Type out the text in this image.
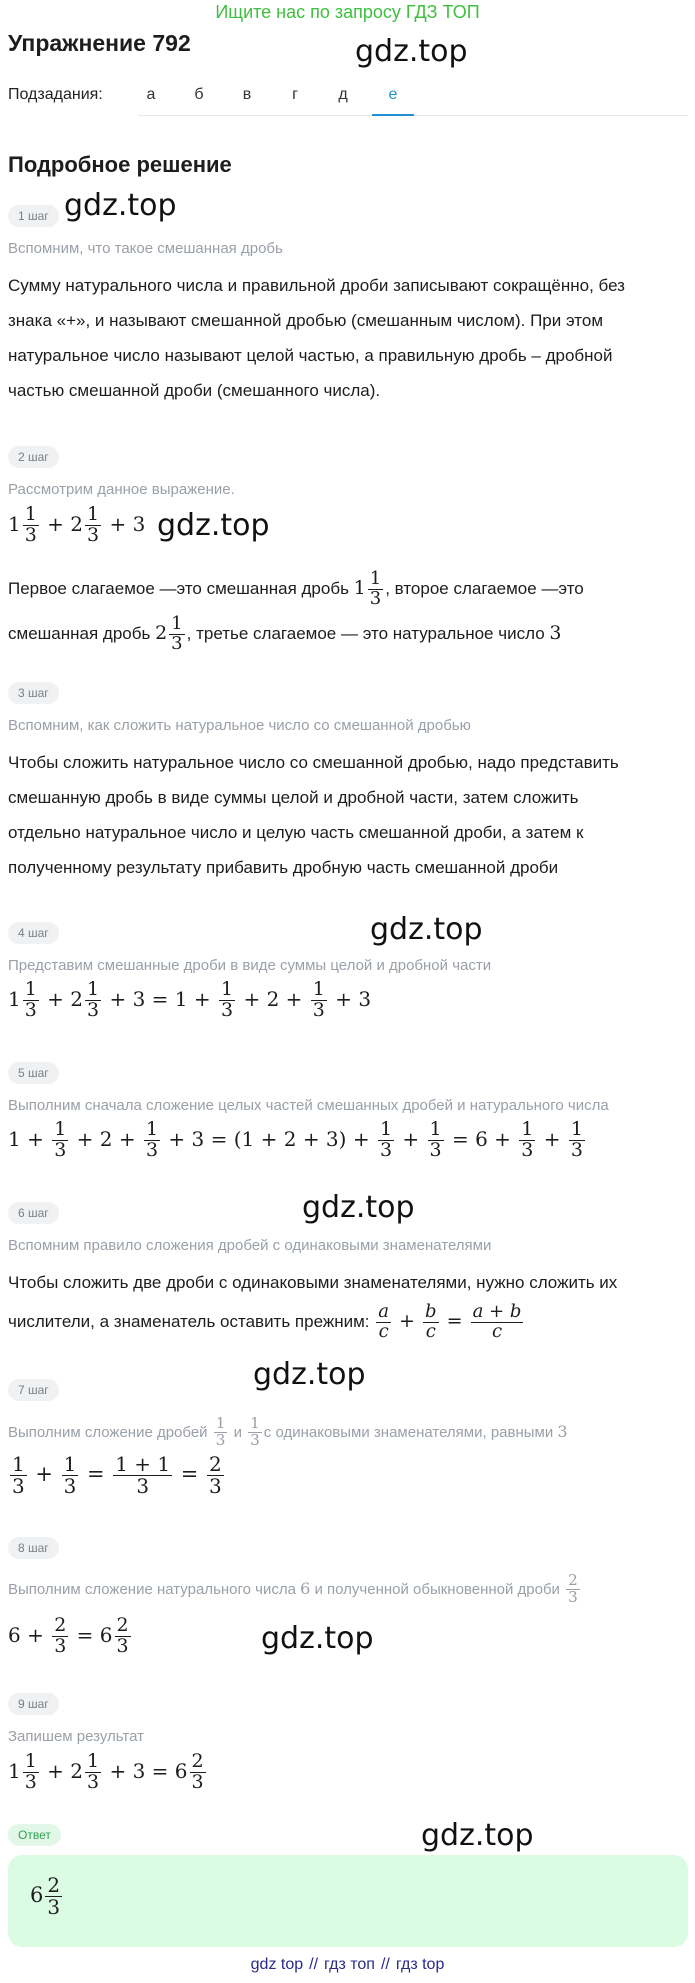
Ищите нас по запросу ГДЗ ТОП
gdz.top
gdz.top
gdz.top
gdz.top
gdz.top
gdz.top
gdz.top
gdz.top
Упражнение 792
Подзадания:	а	б	в	г	д	е
Подробное решение
1 шаг
Вспомним, что такое смешанная дробь
Сумму натурального числа и правильной дроби записывают сокращённо, без
знака «+», и называют смешанной дробью (смешанным числом). При этом
натуральное число называют целой частью, а правильную дробь – дробной
частью смешанной дроби (смешанного числа).
2 шаг
Рассмотрим данное выражение.
$1 \frac{1}{3} + 2 \frac{1}{3} + 3$
Первое слагаемое —это смешанная дробь $1 \frac{1}{3}$ , второе слагаемое —это
смешанная дробь $2 \frac{1}{3}$ , третье слагаемое — это натуральное число 3
3 шаг
Вспомним, как сложить натуральное число со смешанной дробью
Чтобы сложить натуральное число со смешанной дробью, надо представить
смешанную дробь в виде суммы целой и дробной части, затем сложить
отдельно натуральное число и целую часть смешанной дроби, а затем к
полученному результату прибавить дробную часть смешанной дроби
4 шаг
Представим смешанные дроби в виде суммы целой и дробной части
$1 \frac{1}{3} + 2 \frac{1}{3} + 3 = 1 + \frac{1}{3} + 2 + \frac{1}{3} + 3$
5 шаг
Выполним сначала сложение целых частей смешанных дробей и натурального числа
$1 + \frac{1}{3} + 2 + \frac{1}{3} + 3 = (1 + 2 + 3) + \frac{1}{3} + \frac{1}{3} = 6 + \frac{1}{3} + \frac{1}{3}$
6 шаг
Вспомним правило сложения дробей с одинаковыми знаменателями
Чтобы сложить две дроби с одинаковыми знаменателями, нужно сложить их
числители, а знаменатель оставить прежним: $\frac{a}{c} + \frac{b}{c} = \frac{a + b}{c}$
7 шаг
Выполним сложение дробей $\frac{1}{3}$ и $\frac{1}{3}$ с одинаковыми знаменателями, равными 3
$\frac{1}{3} + \frac{1}{3} = \frac{1 + 1}{3} = \frac{2}{3}$
8 шаг
Выполним сложение натурального числа 6 и полученной обыкновенной дроби $\frac{2}{3}$
$6 + \frac{2}{3} = 6 \frac{2}{3}$
9 шаг
Запишем результат
$1 \frac{1}{3} + 2 \frac{1}{3} + 3 = 6 \frac{2}{3}$
Ответ
$6 \frac{2}{3}$
gdz top // гдз топ // гдз top
